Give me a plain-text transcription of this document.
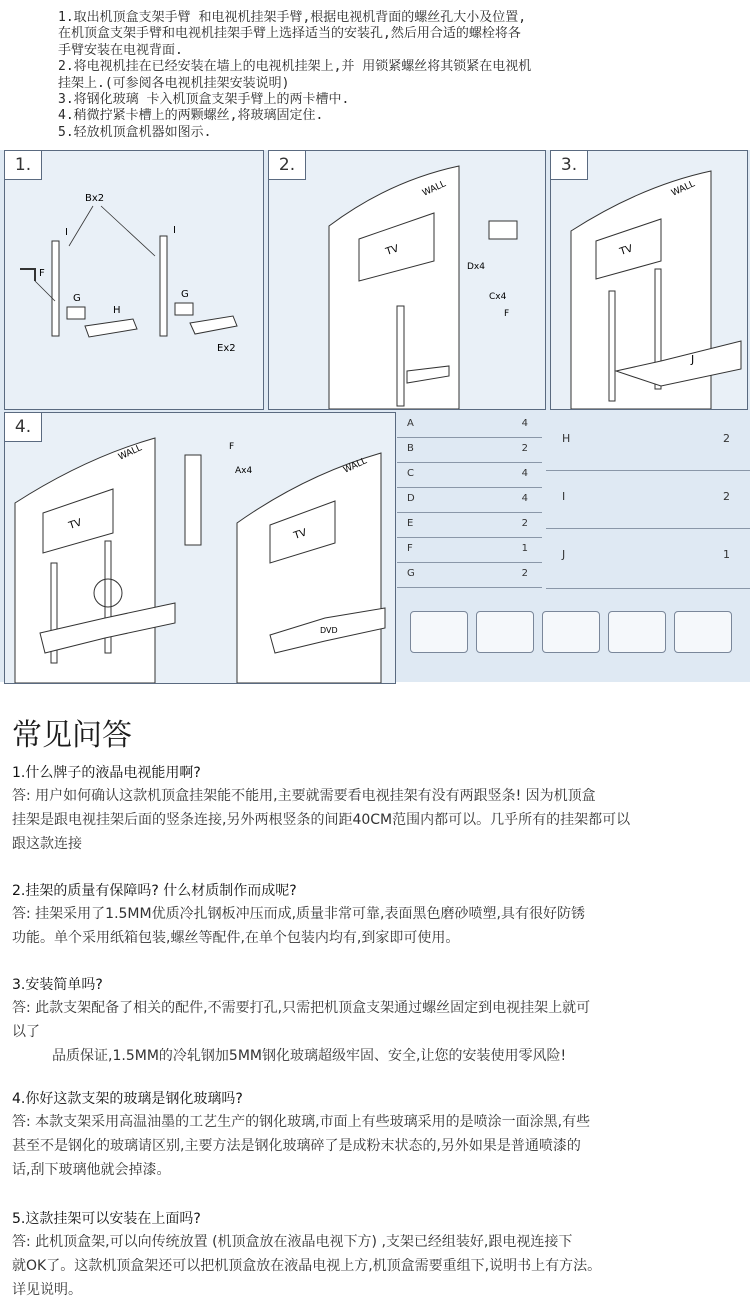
1.取出机顶盒支架手臂 和电视机挂架手臂,根据电视机背面的螺丝孔大小及位置,
在机顶盒支架手臂和电视机挂架手臂上选择适当的安装孔,然后用合适的螺栓将各
手臂安装在电视背面.
2.将电视机挂在已经安装在墙上的电视机挂架上,并 用锁紧螺丝将其锁紧在电视机
挂架上.(可参阅各电视机挂架安装说明)
3.将钢化玻璃 卡入机顶盒支架手臂上的两卡槽中.
4.稍微拧紧卡槽上的两颗螺丝,将玻璃固定住.
5.轻放机顶盒机器如图示.
1.
Bx2
I	I
F
G	G
H
Ex2
2.
WALL
TV
Dx4
Cx4
F
3.
WALL
TV
J
4.
WALL
TV
F
Ax4	WALL
TV
DVD
A	4
B	2
C	4
D	4
E	2
F	1
G	2
H	2
I	2
J	1
常见问答
1.什么牌子的液晶电视能用啊?
答: 用户如何确认这款机顶盒挂架能不能用,主要就需要看电视挂架有没有两跟竖条! 因为机顶盒
挂架是跟电视挂架后面的竖条连接,另外两根竖条的间距40CM范围内都可以。几乎所有的挂架都可以
跟这款连接
2.挂架的质量有保障吗? 什么材质制作而成呢?
答: 挂架采用了1.5MM优质冷扎钢板冲压而成,质量非常可靠,表面黑色磨砂喷塑,具有很好防锈
功能。单个采用纸箱包装,螺丝等配件,在单个包装内均有,到家即可使用。
3.安装简单吗?
答: 此款支架配备了相关的配件,不需要打孔,只需把机顶盒支架通过螺丝固定到电视挂架上就可
以了
品质保证,1.5MM的冷轧钢加5MM钢化玻璃超级牢固、安全,让您的安装使用零风险!
4.你好这款支架的玻璃是钢化玻璃吗?
答: 本款支架采用高温油墨的工艺生产的钢化玻璃,市面上有些玻璃采用的是喷涂一面涂黑,有些
甚至不是钢化的玻璃请区别,主要方法是钢化玻璃碎了是成粉末状态的,另外如果是普通喷漆的
话,刮下玻璃他就会掉漆。
5.这款挂架可以安装在上面吗?
答: 此机顶盒架,可以向传统放置 (机顶盒放在液晶电视下方) ,支架已经组装好,跟电视连接下
就OK了。这款机顶盒架还可以把机顶盒放在液晶电视上方,机顶盒需要重组下,说明书上有方法。
详见说明。
